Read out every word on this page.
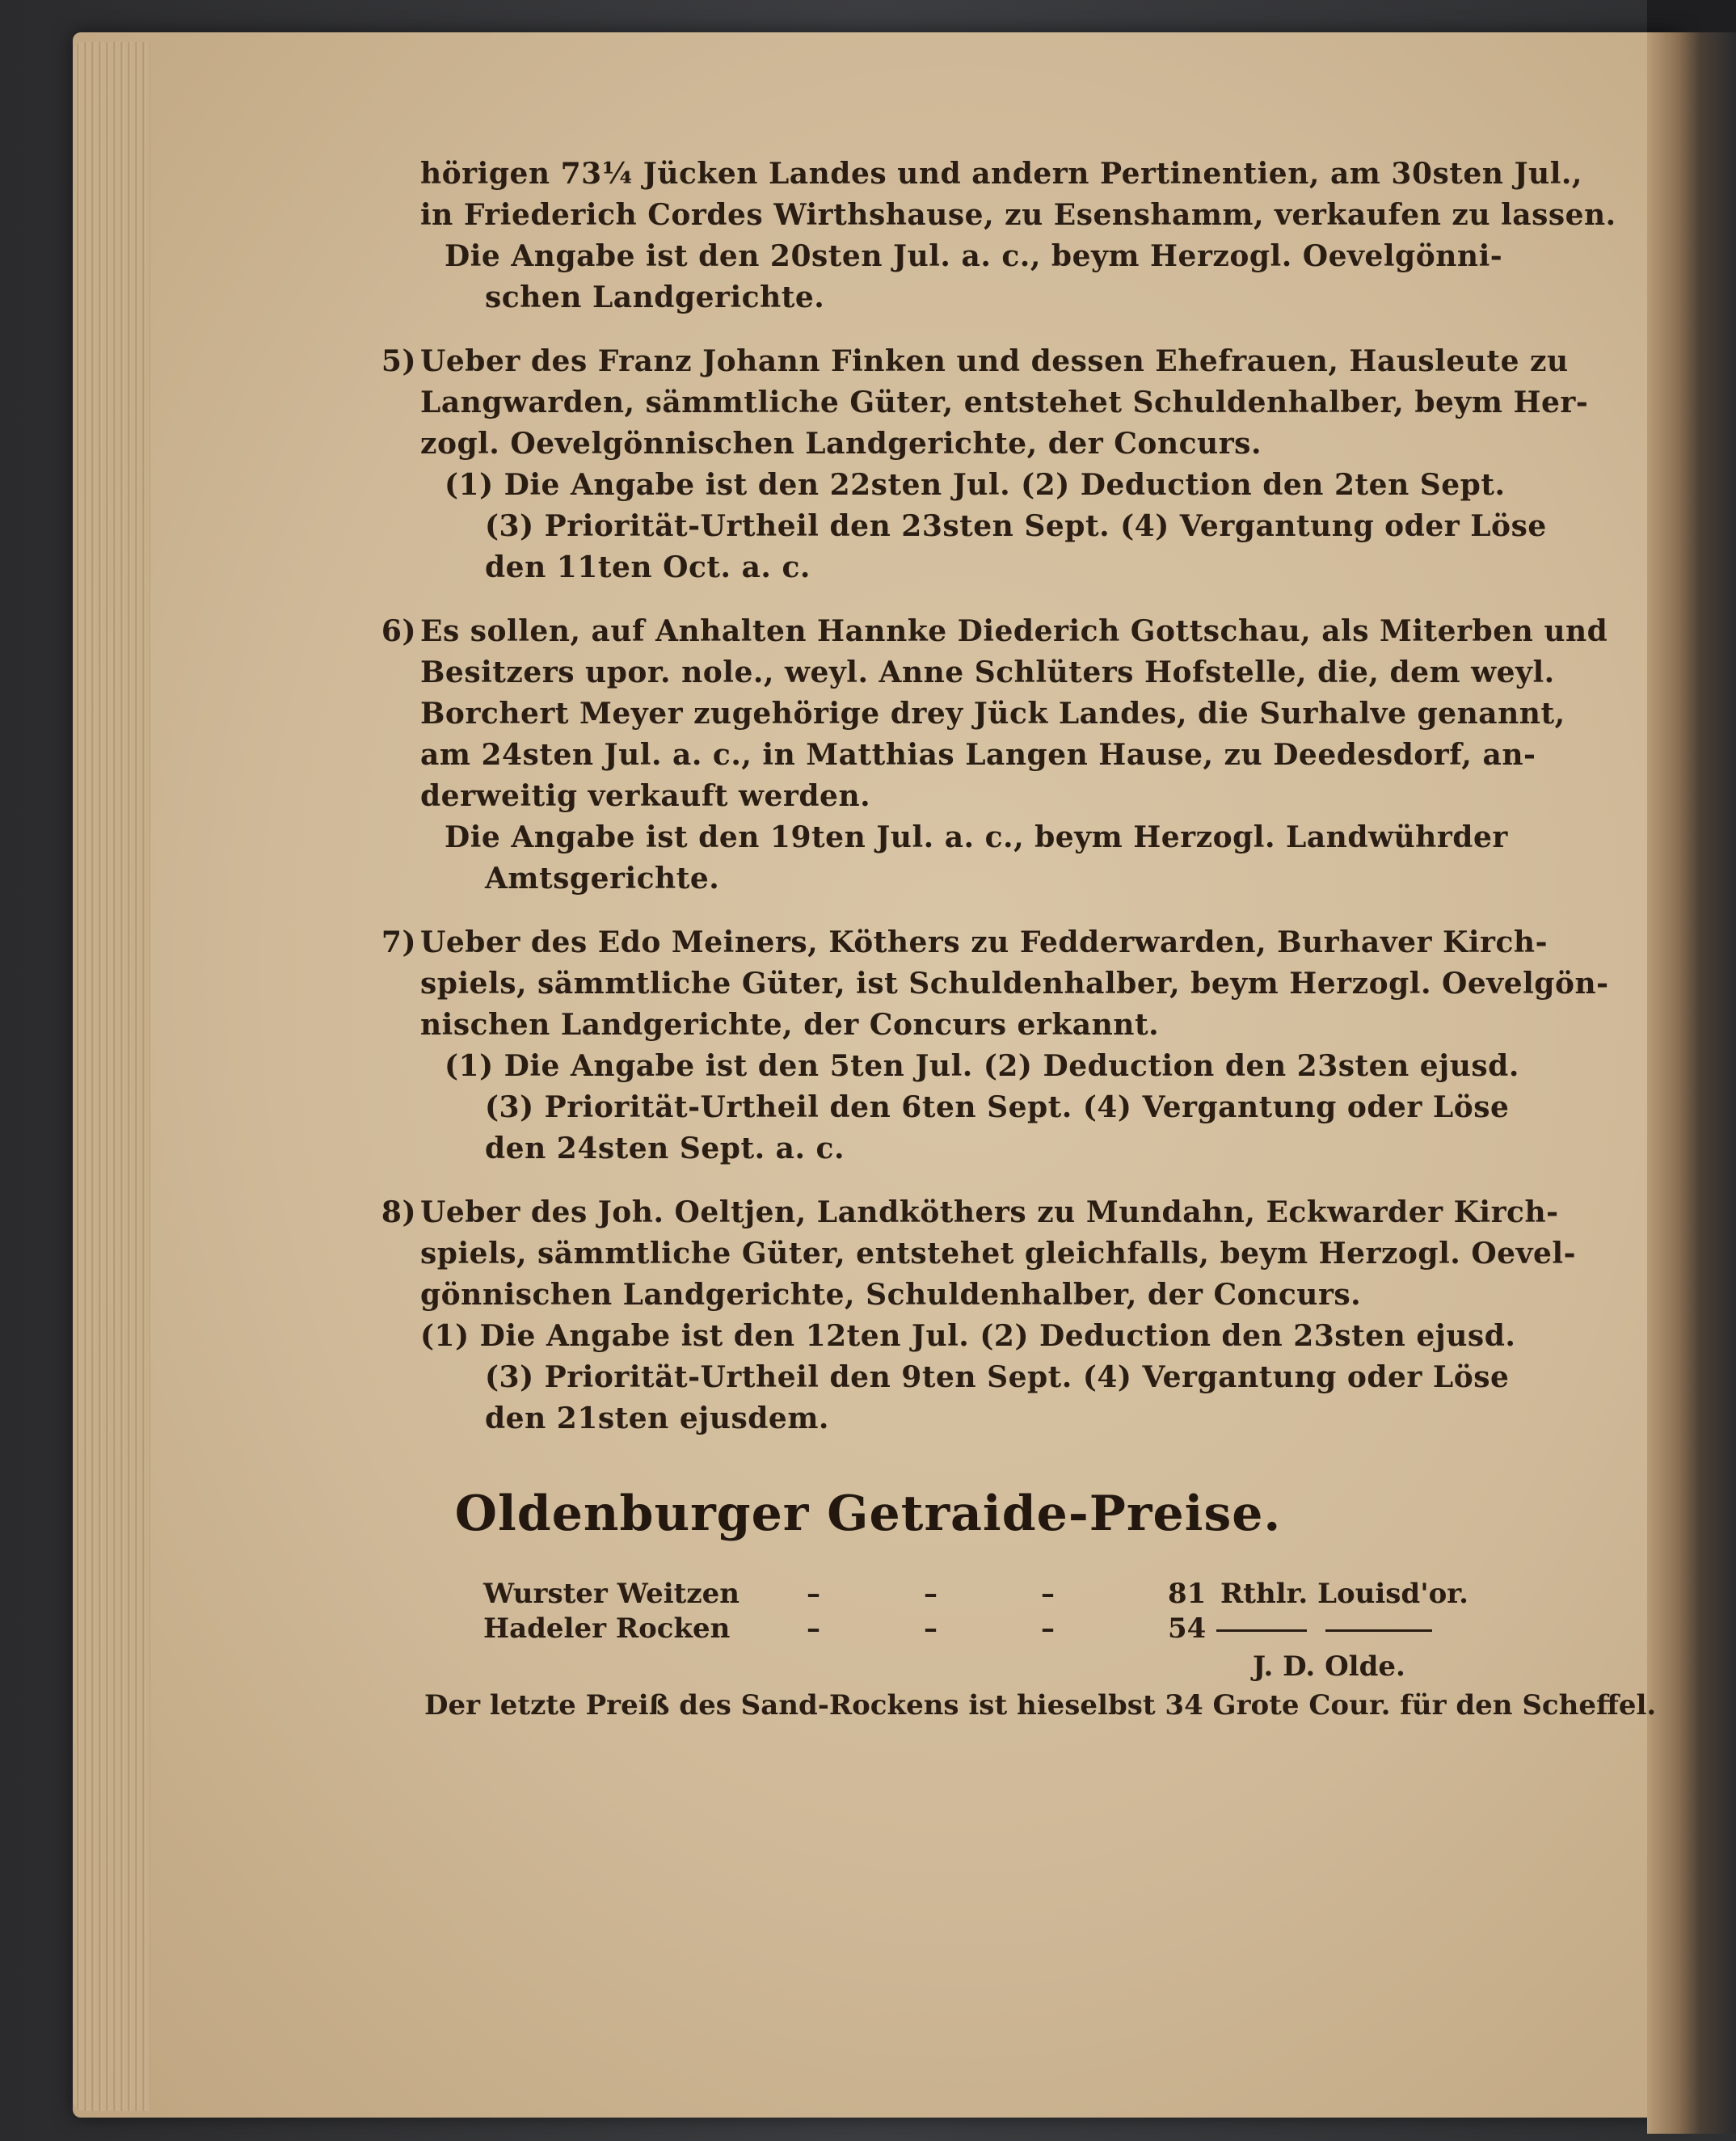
hörigen 73¼ Jücken Landes und andern Pertinentien, am 30sten Jul.,
in Friederich Cordes Wirthshause, zu Esenshamm, verkaufen zu lassen.
Die Angabe ist den 20sten Jul. a. c., beym Herzogl. Oevelgönni-
schen Landgerichte.
5) Ueber des Franz Johann Finken und dessen Ehefrauen, Hausleute zu
Langwarden, sämmtliche Güter, entstehet Schuldenhalber, beym Her-
zogl. Oevelgönnischen Landgerichte, der Concurs.
(1) Die Angabe ist den 22sten Jul. (2) Deduction den 2ten Sept.
(3) Priorität-Urtheil den 23sten Sept. (4) Vergantung oder Löse
den 11ten Oct. a. c.
6) Es sollen, auf Anhalten Hannke Diederich Gottschau, als Miterben und
Besitzers upor. nole., weyl. Anne Schlüters Hofstelle, die, dem weyl.
Borchert Meyer zugehörige drey Jück Landes, die Surhalve genannt,
am 24sten Jul. a. c., in Matthias Langen Hause, zu Deedesdorf, an-
derweitig verkauft werden.
Die Angabe ist den 19ten Jul. a. c., beym Herzogl. Landwührder
Amtsgerichte.
7) Ueber des Edo Meiners, Köthers zu Fedderwarden, Burhaver Kirch-
spiels, sämmtliche Güter, ist Schuldenhalber, beym Herzogl. Oevelgön-
nischen Landgerichte, der Concurs erkannt.
(1) Die Angabe ist den 5ten Jul. (2) Deduction den 23sten ejusd.
(3) Priorität-Urtheil den 6ten Sept. (4) Vergantung oder Löse
den 24sten Sept. a. c.
8) Ueber des Joh. Oeltjen, Landköthers zu Mundahn, Eckwarder Kirch-
spiels, sämmtliche Güter, entstehet gleichfalls, beym Herzogl. Oevel-
gönnischen Landgerichte, Schuldenhalber, der Concurs.
(1) Die Angabe ist den 12ten Jul. (2) Deduction den 23sten ejusd.
(3) Priorität-Urtheil den 9ten Sept. (4) Vergantung oder Löse
den 21sten ejusdem.
Oldenburger Getraide-Preise.
Wurster Weitzen –	–	–	81 Rthlr. Louisd'or.
Hadeler Rocken	–	–	–	54
J. D. Olde.
Der letzte Preiß des Sand-Rockens ist hieselbst 34 Grote Cour. für den Scheffel.
